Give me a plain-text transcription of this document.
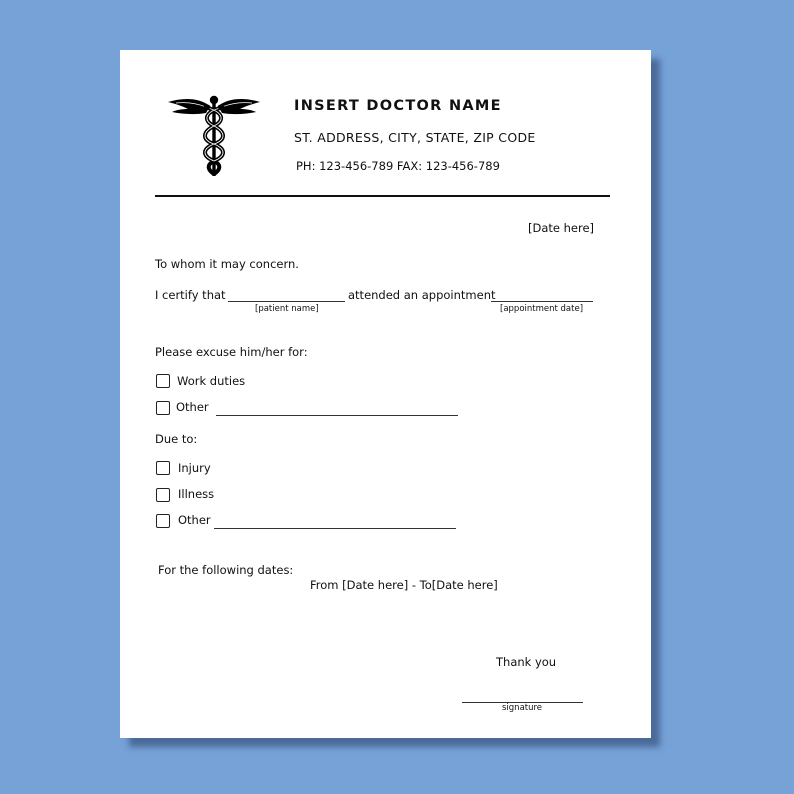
INSERT DOCTOR NAME
ST. ADDRESS, CITY, STATE, ZIP CODE
PH: 123-456-789 FAX: 123-456-789
[Date here]
To whom it may concern.
I certify that	attended an appointment
[patient name]	[appointment date]
Please excuse him/her for:
Work duties
Other
Due to:
Injury
Illness
Other
For the following dates:
From [Date here] - To[Date here]
Thank you
signature
